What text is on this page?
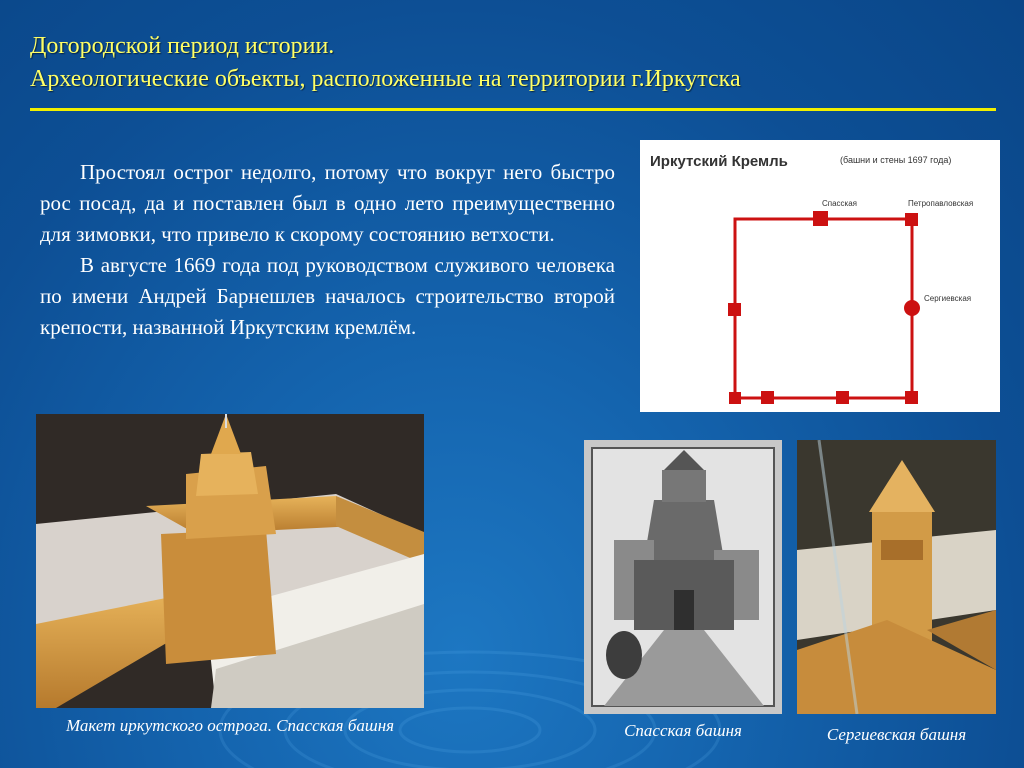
Догородской период истории.
Археологические объекты, расположенные на территории г.Иркутска

Простоял острог недолго, потому что вокруг него быстро рос посад, да и поставлен был в одно лето преимущественно для зимовки, что привело к скорому состоянию ветхости.

В августе 1669 года под руководством служивого человека по имени Андрей Барнешлев началось строительство второй крепости, названной Иркутским кремлём.

Иркутский Кремль	(башни и стены 1697 года)
Спасская	Петропавловская
Сергиевская
Макет иркутского острога. Спасская башня	Спасская башня	Сергиевская башня
